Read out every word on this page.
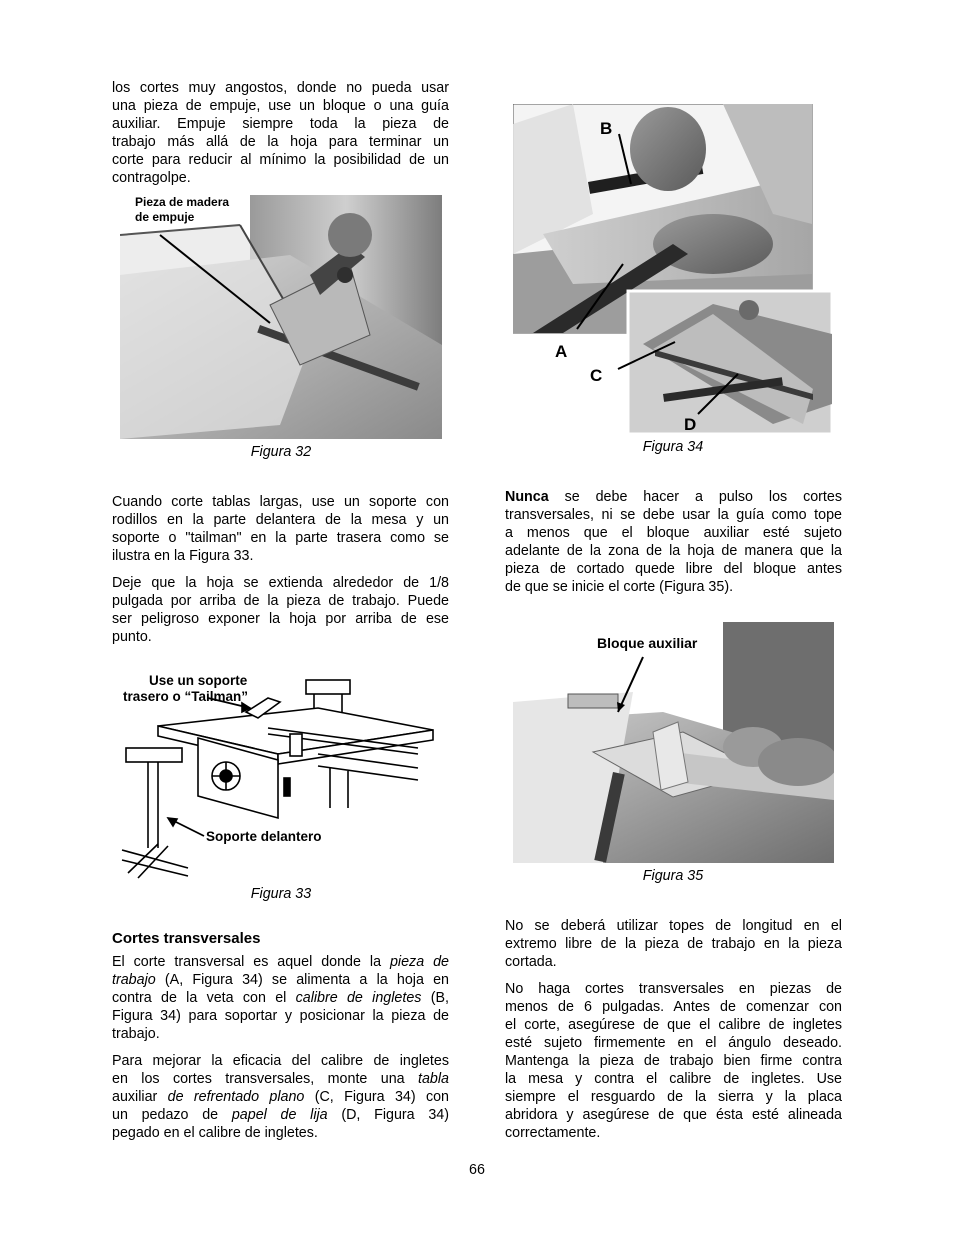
los cortes muy angostos, donde no pueda usar
una pieza de empuje, use un bloque o una guía
auxiliar. Empuje siempre toda la pieza de
trabajo más allá de la hoja para terminar un
corte para reducir al mínimo la posibilidad de un
contragolpe.
Pieza de madera
de empuje
Figura 32
Cuando corte tablas largas, use un soporte con
rodillos en la parte delantera de la mesa y un
soporte o "tailman" en la parte trasera como se
ilustra en la Figura 33.
Deje que la hoja se extienda alrededor de 1/8
pulgada por arriba de la pieza de trabajo. Puede
ser peligroso exponer la hoja por arriba de ese
punto.
Use un soporte
trasero o “Tailman”
Soporte delantero
Figura 33
Cortes transversales
El corte transversal es aquel donde la pieza de
trabajo (A, Figura 34) se alimenta a la hoja en
contra de la veta con el calibre de ingletes (B,
Figura 34) para soportar y posicionar la pieza de
trabajo.
Para mejorar la eficacia del calibre de ingletes
en los cortes transversales, monte una tabla
auxiliar de refrentado plano (C, Figura 34) con
un pedazo de papel de lija (D, Figura 34)
pegado en el calibre de ingletes.
B
A
C
D
Figura 34
Nunca se debe hacer a pulso los cortes
transversales, ni se debe usar la guía como tope
a menos que el bloque auxiliar esté sujeto
adelante de la zona de la hoja de manera que la
pieza de cortado quede libre del bloque antes
de que se inicie el corte (Figura 35).
Bloque auxiliar
Figura 35
No se deberá utilizar topes de longitud en el
extremo libre de la pieza de trabajo en la pieza
cortada.
No haga cortes transversales en piezas de
menos de 6 pulgadas. Antes de comenzar con
el corte, asegúrese de que el calibre de ingletes
esté sujeto firmemente en el ángulo deseado.
Mantenga la pieza de trabajo bien firme contra
la mesa y contra el calibre de ingletes. Use
siempre el resguardo de la sierra y la placa
abridora y asegúrese de que ésta esté alineada
correctamente.
66
